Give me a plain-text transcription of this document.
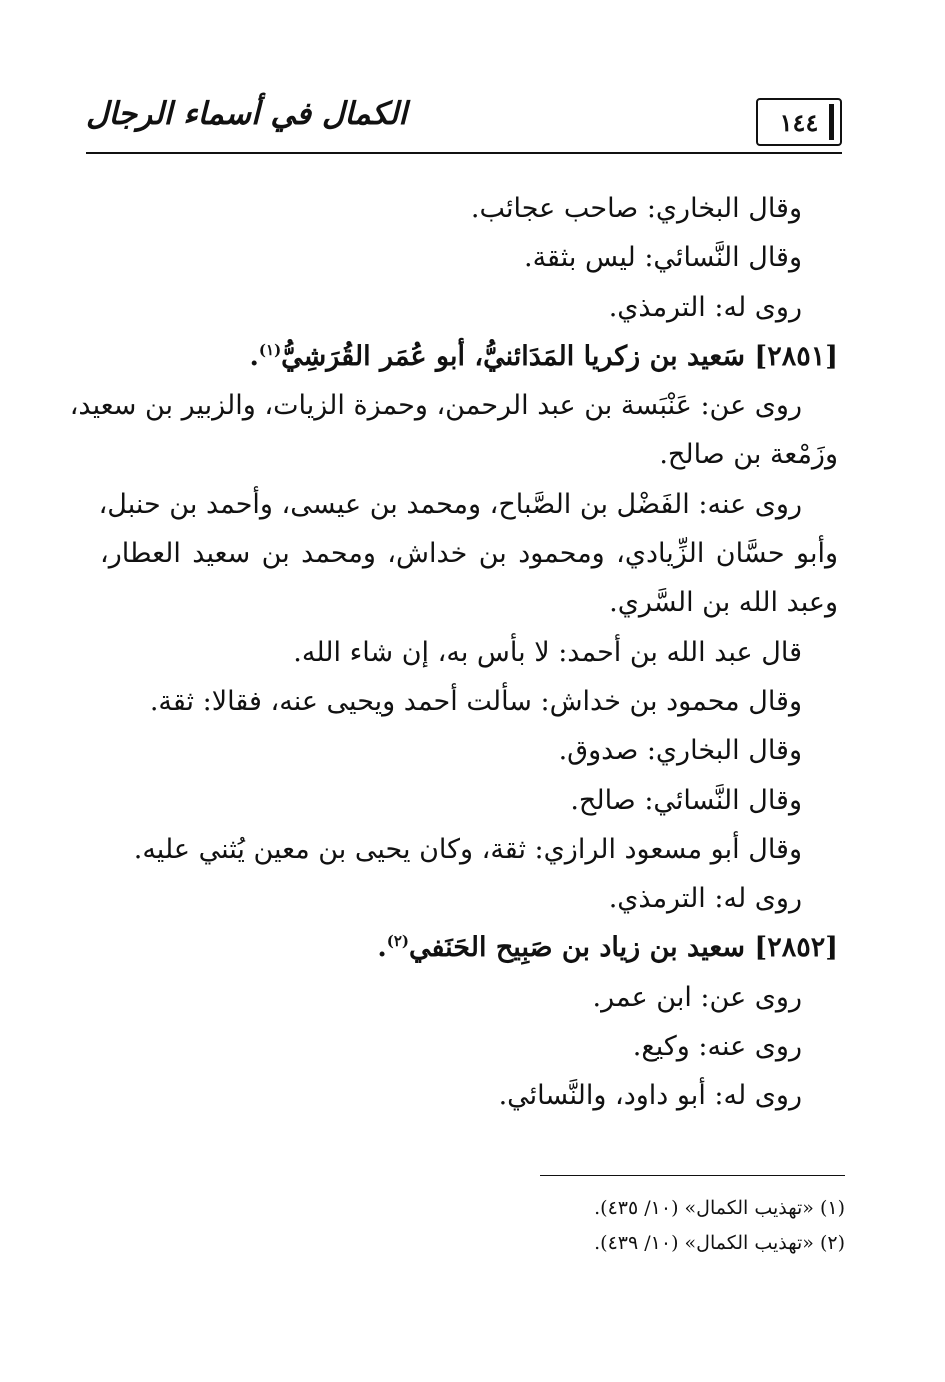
١٤٤
الكمال في أسماء الرجال
وقال البخاري: صاحب عجائب.
وقال النَّسائي: ليس بثقة.
روى له: الترمذي.
[٢٨٥١] سَعيد بن زكريا المَدَائنيُّ، أبو عُمَر القُرَشِيُّ$^{(١)}$.
روى عن: عَنْبَسة بن عبد الرحمن، وحمزة الزيات، والزبير بن سعيد،
وزَمْعة بن صالح.
روى عنه: الفَضْل بن الصَّباح، ومحمد بن عيسى، وأحمد بن حنبل،
وأبو حسَّان الزِّيادي، ومحمود بن خداش، ومحمد بن سعيد العطار،
وعبد الله بن السَّري.
قال عبد الله بن أحمد: لا بأس به، إن شاء الله.
وقال محمود بن خداش: سألت أحمد ويحيى عنه، فقالا: ثقة.
وقال البخاري: صدوق.
وقال النَّسائي: صالح.
وقال أبو مسعود الرازي: ثقة، وكان يحيى بن معين يُثني عليه.
روى له: الترمذي.
[٢٨٥٢] سعيد بن زياد بن صَبِيح الحَنَفي$^{(٢)}$.
روى عن: ابن عمر.
روى عنه: وكيع.
روى له: أبو داود، والنَّسائي.
(١) «تهذيب الكمال» (١٠/ ٤٣٥).
(٢) «تهذيب الكمال» (١٠/ ٤٣٩).
